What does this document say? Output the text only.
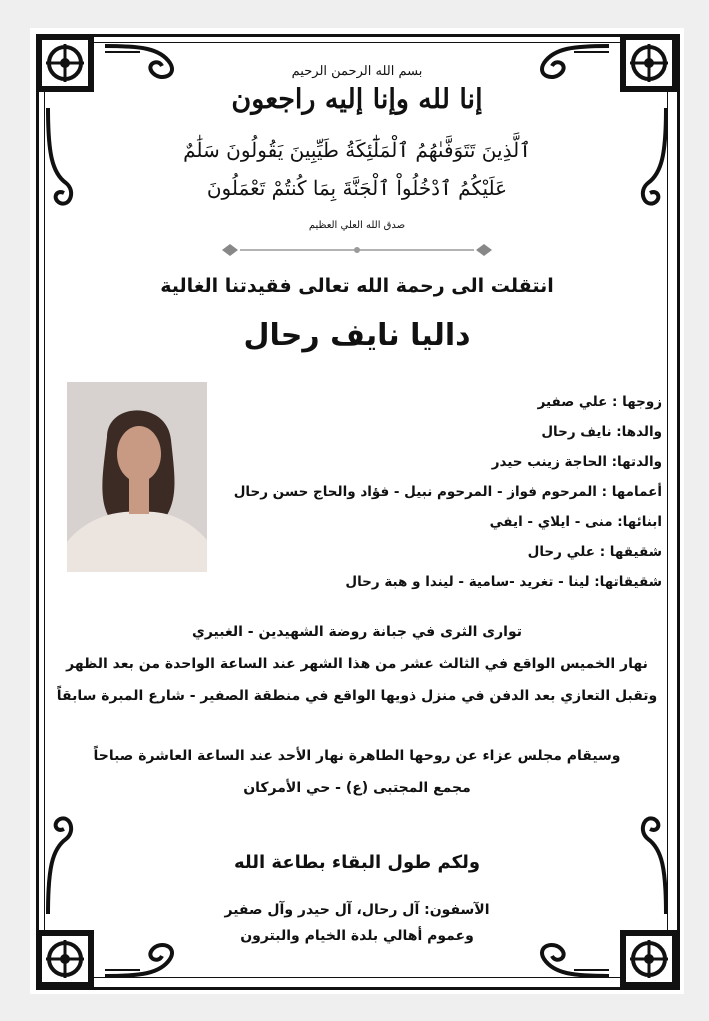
بسم الله الرحمن الرحيم
إنا لله وإنا إليه راجعون
ٱلَّذِينَ تَتَوَفَّىٰهُمُ ٱلْمَلَٰٓئِكَةُ طَيِّبِينَ يَقُولُونَ سَلَٰمٌ
عَلَيْكُمُ ٱدْخُلُواْ ٱلْجَنَّةَ بِمَا كُنتُمْ تَعْمَلُونَ
صدق الله العلي العظيم
انتقلت الى رحمة الله تعالى فقيدتنا الغالية
داليا نايف رحال
زوجها : علي صفير
والدها: نايف رحال
والدتها: الحاجة زينب حيدر
أعمامها : المرحوم فواز - المرحوم نبيل - فؤاد والحاج حسن رحال
ابنائها: منى - ايلاي - ايفي
شقيقها : علي رحال
شقيقاتها: لينا - تغريد -سامية - ليندا و هبة رحال
توارى الثرى في جبانة روضة الشهيدين - الغبيري
نهار الخميس الواقع في الثالث عشر من هذا الشهر عند الساعة الواحدة من بعد الظهر
وتقبل التعازي بعد الدفن في منزل ذويها الواقع في منطقة الصفير - شارع المبرة سابقاً
وسيقام مجلس عزاء عن روحها الطاهرة نهار الأحد عند الساعة العاشرة صباحاً
مجمع المجتبى (ع) - حي الأمركان
ولكم طول البقاء بطاعة الله
الآسفون: آل رحال، آل حيدر وآل صفير
وعموم أهالي بلدة الخيام والبترون
